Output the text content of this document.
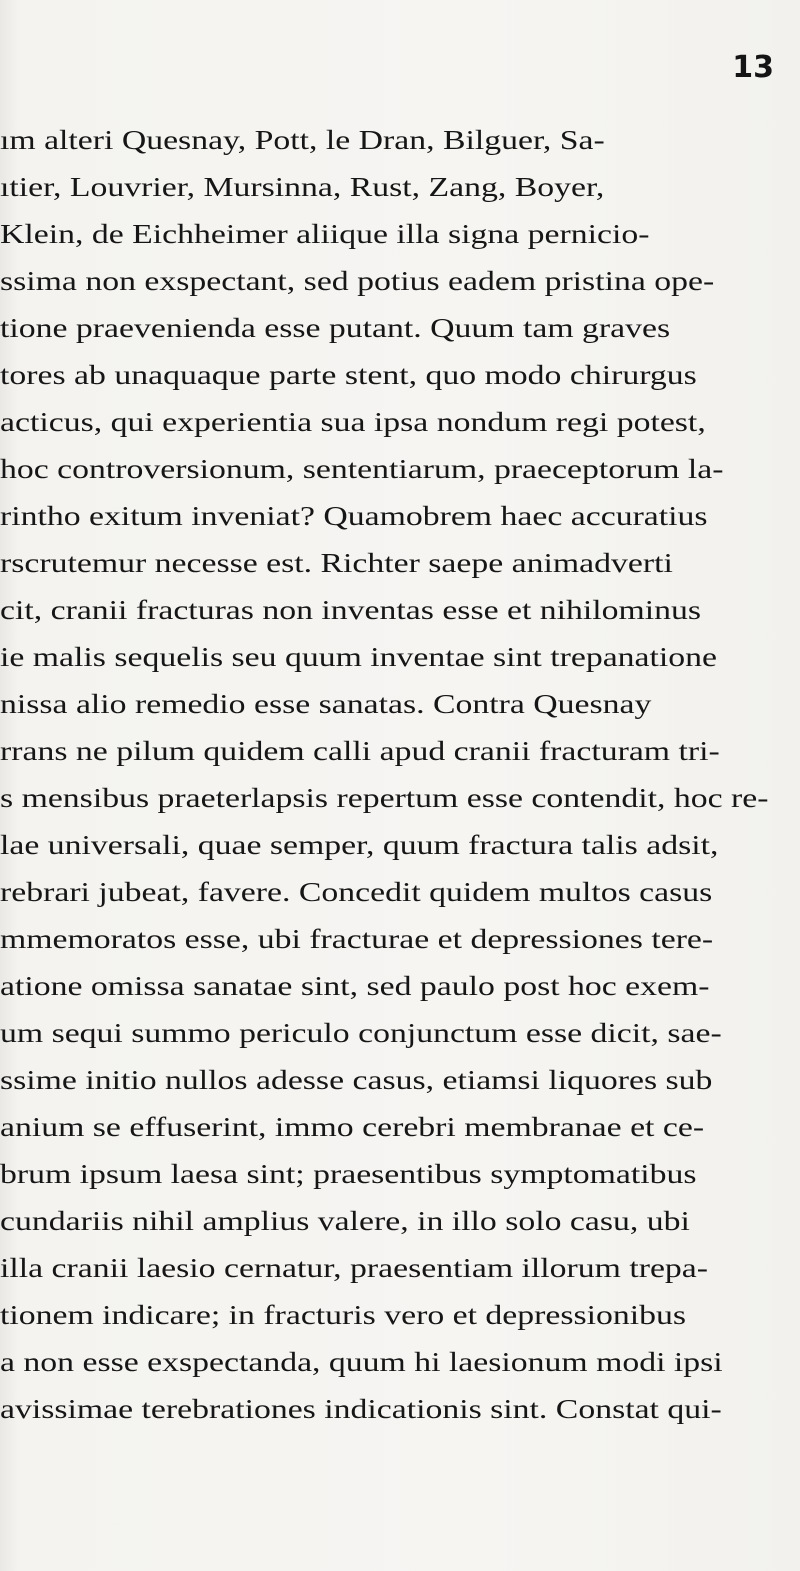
13
ım alteri Quesnay, Pott, le Dran, Bilguer, Sa-
ıtier, Louvrier, Mursinna, Rust, Zang, Boyer,
Klein, de Eichheimer aliique illa signa pernicio-
ssima non exspectant, sed potius eadem pristina ope-
tione praevenienda esse putant. Quum tam graves
tores ab unaquaque parte stent, quo modo chirurgus
acticus, qui experientia sua ipsa nondum regi potest,
hoc controversionum, sententiarum, praeceptorum la-
rintho exitum inveniat? Quamobrem haec accuratius
rscrutemur necesse est. Richter saepe animadverti
cit, cranii fracturas non inventas esse et nihilominus
ie malis sequelis seu quum inventae sint trepanatione
nissa alio remedio esse sanatas. Contra Quesnay
rrans ne pilum quidem calli apud cranii fracturam tri-
s mensibus praeterlapsis repertum esse contendit, hoc re-
lae universali, quae semper, quum fractura talis adsit,
rebrari jubeat, favere. Concedit quidem multos casus
mmemoratos esse, ubi fracturae et depressiones tere-
atione omissa sanatae sint, sed paulo post hoc exem-
um sequi summo periculo conjunctum esse dicit, sae-
ssime initio nullos adesse casus, etiamsi liquores sub
anium se effuserint, immo cerebri membranae et ce-
brum ipsum laesa sint; praesentibus symptomatibus
cundariis nihil amplius valere, in illo solo casu, ubi
illa cranii laesio cernatur, praesentiam illorum trepa-
tionem indicare; in fracturis vero et depressionibus
a non esse exspectanda, quum hi laesionum modi ipsi
avissimae terebrationes indicationis sint. Constat qui-
